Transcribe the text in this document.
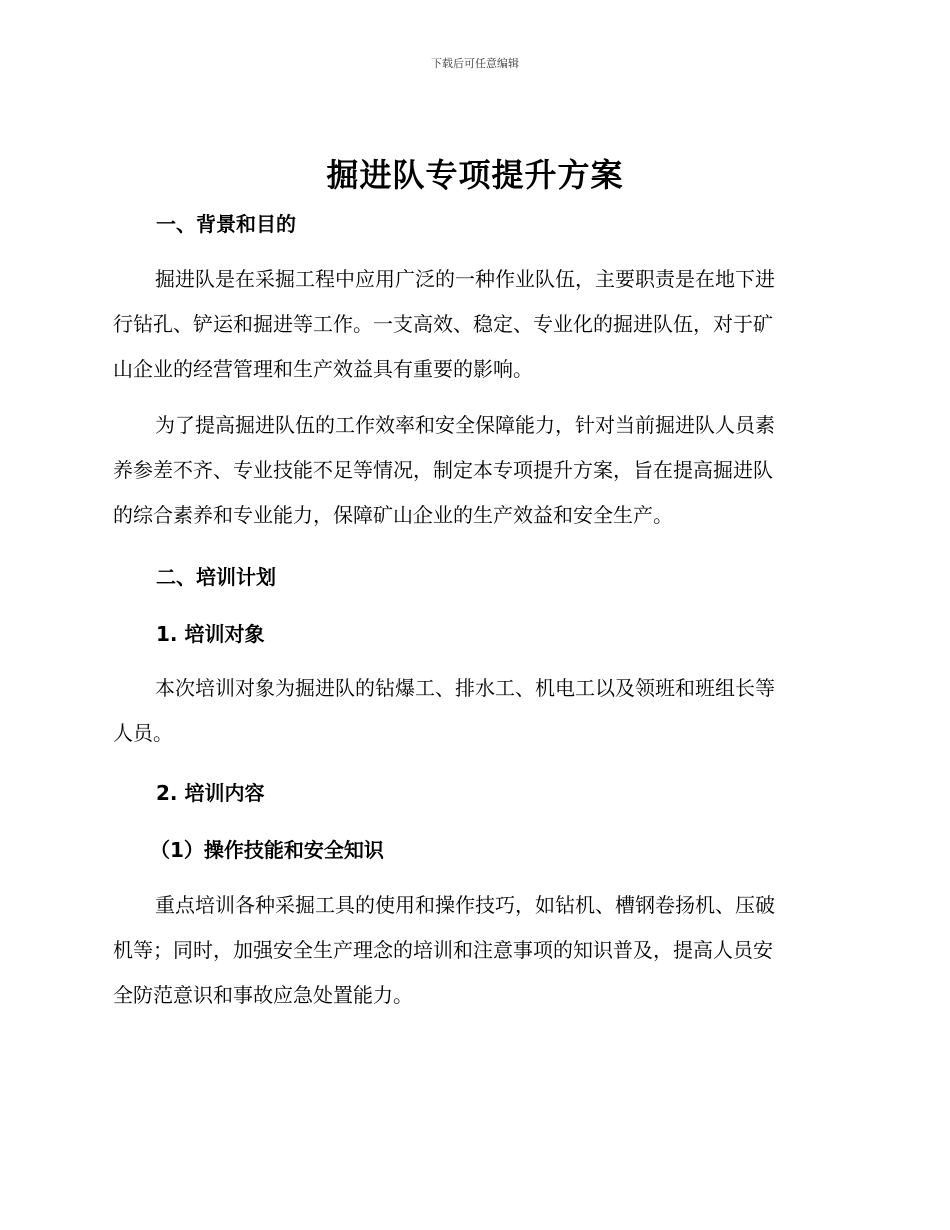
下载后可任意编辑
掘进队专项提升方案
一、背景和目的
掘进队是在采掘工程中应用广泛的一种作业队伍，主要职责是在地下进
行钻孔、铲运和掘进等工作。一支高效、稳定、专业化的掘进队伍，对于矿
山企业的经营管理和生产效益具有重要的影响。
为了提高掘进队伍的工作效率和安全保障能力，针对当前掘进队人员素
养参差不齐、专业技能不足等情况，制定本专项提升方案，旨在提高掘进队
的综合素养和专业能力，保障矿山企业的生产效益和安全生产。
二、培训计划
1. 培训对象
本次培训对象为掘进队的钻爆工、排水工、机电工以及领班和班组长等
人员。
2. 培训内容
（1）操作技能和安全知识
重点培训各种采掘工具的使用和操作技巧，如钻机、槽钢卷扬机、压破
机等；同时，加强安全生产理念的培训和注意事项的知识普及，提高人员安
全防范意识和事故应急处置能力。
